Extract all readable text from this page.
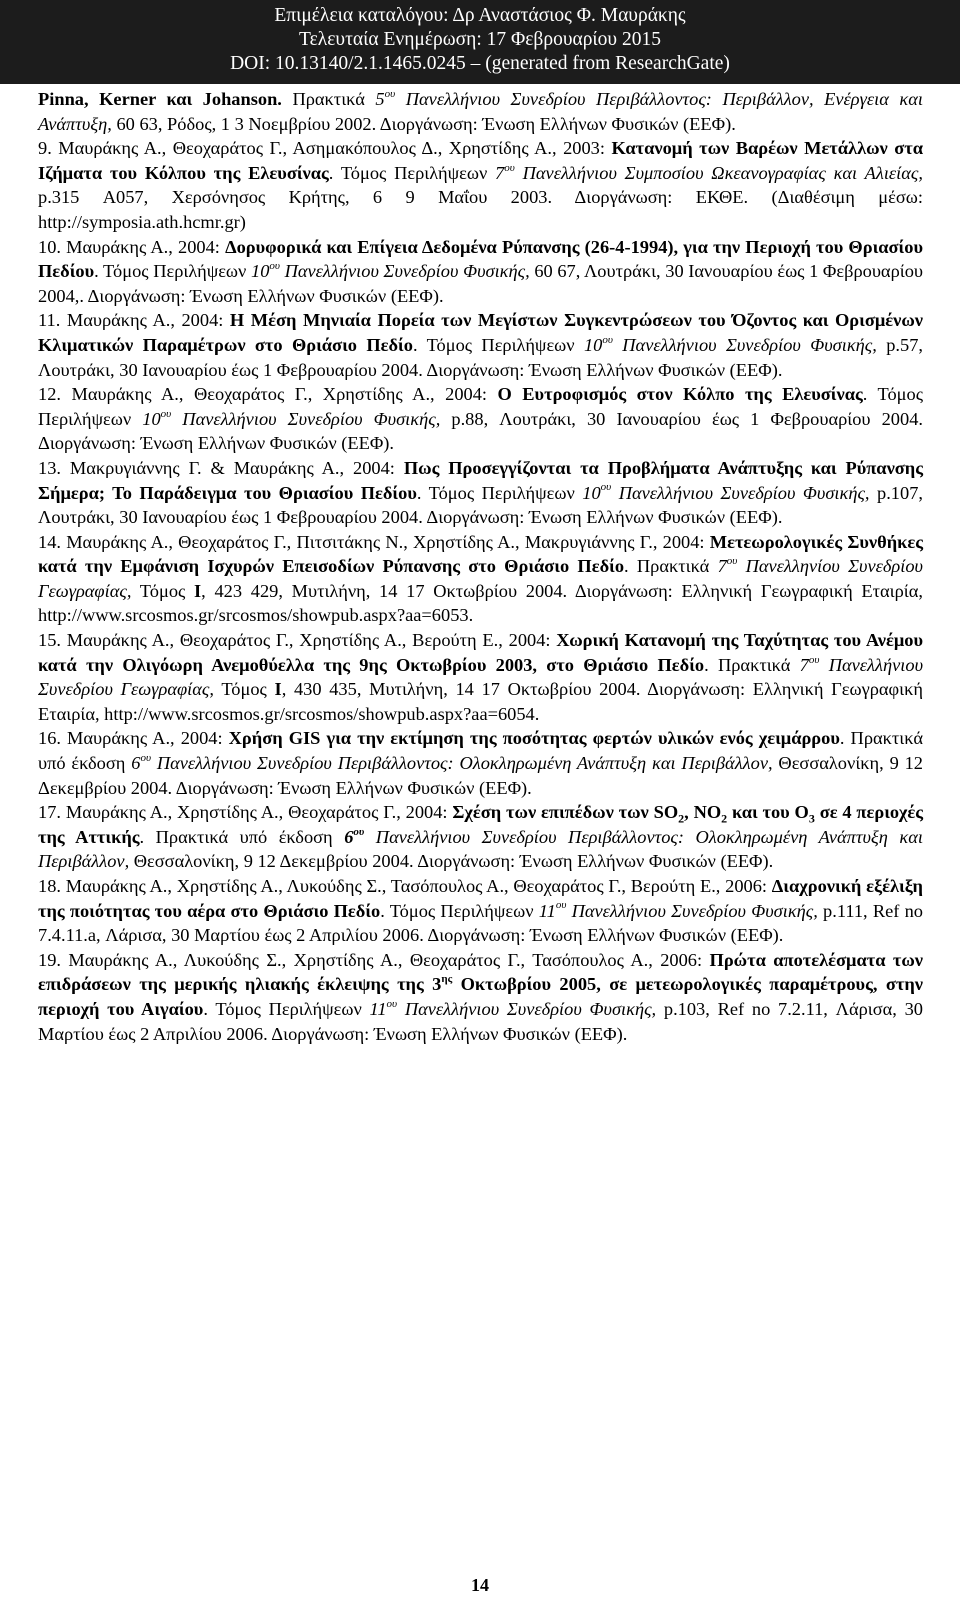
Επιμέλεια καταλόγου: Δρ Αναστάσιος Φ. Μαυράκης
Τελευταία Ενημέρωση: 17 Φεβρουαρίου 2015
DOI: 10.13140/2.1.1465.0245 – (generated from ResearchGate)
Pinna, Kerner και Johanson. Πρακτικά $5^{o\upsilon}$ Πανελλήνιου Συνεδρίου Περιβάλλοντος: Περιβάλλον, Ενέργεια και Ανάπτυξη, 60 63, Ρόδος, 1 3 Νοεμβρίου 2002. Διοργάνωση: Ένωση Ελλήνων Φυσικών (ΕΕΦ).
9. Μαυράκης Α., Θεοχαράτος Γ., Ασημακόπουλος Δ., Χρηστίδης Α., 2003: Κατανομή των Βαρέων Μετάλλων στα Ιζήματα του Κόλπου της Ελευσίνας. Τόμος Περιλήψεων $7^{o\upsilon}$ Πανελλήνιου Συμποσίου Ωκεανογραφίας και Αλιείας, p.315 Α057, Χερσόνησος Κρήτης, 6 9 Μαΐου 2003. Διοργάνωση: ΕΚΘΕ. (Διαθέσιμη μέσω: http://symposia.ath.hcmr.gr)
10. Μαυράκης Α., 2004: Δορυφορικά και Επίγεια Δεδομένα Ρύπανσης (26-4-1994), για την Περιοχή του Θριασίου Πεδίου. Τόμος Περιλήψεων $10^{o\upsilon}$ Πανελλήνιου Συνεδρίου Φυσικής, 60 67, Λουτράκι, 30 Ιανουαρίου έως 1 Φεβρουαρίου 2004,. Διοργάνωση: Ένωση Ελλήνων Φυσικών (ΕΕΦ).
11. Μαυράκης Α., 2004: Η Μέση Μηνιαία Πορεία των Μεγίστων Συγκεντρώσεων του Όζοντος και Ορισμένων Κλιματικών Παραμέτρων στο Θριάσιο Πεδίο. Τόμος Περιλήψεων $10^{o\upsilon}$ Πανελλήνιου Συνεδρίου Φυσικής, p.57, Λουτράκι, 30 Ιανουαρίου έως 1 Φεβρουαρίου 2004. Διοργάνωση: Ένωση Ελλήνων Φυσικών (ΕΕΦ).
12. Μαυράκης Α., Θεοχαράτος Γ., Χρηστίδης Α., 2004: Ο Ευτροφισμός στον Κόλπο της Ελευσίνας. Τόμος Περιλήψεων $10^{o\upsilon}$ Πανελλήνιου Συνεδρίου Φυσικής, p.88, Λουτράκι, 30 Ιανουαρίου έως 1 Φεβρουαρίου 2004. Διοργάνωση: Ένωση Ελλήνων Φυσικών (ΕΕΦ).
13. Μακρυγιάννης Γ. & Μαυράκης Α., 2004: Πως Προσεγγίζονται τα Προβλήματα Ανάπτυξης και Ρύπανσης Σήμερα; Το Παράδειγμα του Θριασίου Πεδίου. Τόμος Περιλήψεων $10^{o\upsilon}$ Πανελλήνιου Συνεδρίου Φυσικής, p.107, Λουτράκι, 30 Ιανουαρίου έως 1 Φεβρουαρίου 2004. Διοργάνωση: Ένωση Ελλήνων Φυσικών (ΕΕΦ).
14. Μαυράκης Α., Θεοχαράτος Γ., Πιτσιτάκης Ν., Χρηστίδης Α., Μακρυγιάννης Γ., 2004: Μετεωρολογικές Συνθήκες κατά την Εμφάνιση Ισχυρών Επεισοδίων Ρύπανσης στο Θριάσιο Πεδίο. Πρακτικά $7^{o\upsilon}$ Πανελληνίου Συνεδρίου Γεωγραφίας, Τόμος Ι, 423 429, Μυτιλήνη, 14 17 Οκτωβρίου 2004. Διοργάνωση: Ελληνική Γεωγραφική Εταιρία, http://www.srcosmos.gr/srcosmos/showpub.aspx?aa=6053.
15. Μαυράκης Α., Θεοχαράτος Γ., Χρηστίδης Α., Βερούτη Ε., 2004: Χωρική Κατανομή της Ταχύτητας του Ανέμου κατά την Ολιγόωρη Ανεμοθύελλα της 9ης Οκτωβρίου 2003, στο Θριάσιο Πεδίο. Πρακτικά $7^{o\upsilon}$ Πανελλήνιου Συνεδρίου Γεωγραφίας, Τόμος Ι, 430 435, Μυτιλήνη, 14 17 Οκτωβρίου 2004. Διοργάνωση: Ελληνική Γεωγραφική Εταιρία, http://www.srcosmos.gr/srcosmos/showpub.aspx?aa=6054.
16. Μαυράκης Α., 2004: Χρήση GIS για την εκτίμηση της ποσότητας φερτών υλικών ενός χειμάρρου. Πρακτικά υπό έκδοση $6^{o\upsilon}$ Πανελλήνιου Συνεδρίου Περιβάλλοντος: Ολοκληρωμένη Ανάπτυξη και Περιβάλλον, Θεσσαλονίκη, 9 12 Δεκεμβρίου 2004. Διοργάνωση: Ένωση Ελλήνων Φυσικών (ΕΕΦ).
17. Μαυράκης Α., Χρηστίδης Α., Θεοχαράτος Γ., 2004: Σχέση των επιπέδων των $SO_2$, $NO_2$ και του $O_3$ σε 4 περιοχές της Αττικής. Πρακτικά υπό έκδοση $6^{o\upsilon}$ Πανελλήνιου Συνεδρίου Περιβάλλοντος: Ολοκληρωμένη Ανάπτυξη και Περιβάλλον, Θεσσαλονίκη, 9 12 Δεκεμβρίου 2004. Διοργάνωση: Ένωση Ελλήνων Φυσικών (ΕΕΦ).
18. Μαυράκης Α., Χρηστίδης Α., Λυκούδης Σ., Τασόπουλος Α., Θεοχαράτος Γ., Βερούτη Ε., 2006: Διαχρονική εξέλιξη της ποιότητας του αέρα στο Θριάσιο Πεδίο. Τόμος Περιλήψεων $11^{o\upsilon}$ Πανελλήνιου Συνεδρίου Φυσικής, p.111, Ref no 7.4.11.a, Λάρισα, 30 Μαρτίου έως 2 Απριλίου 2006. Διοργάνωση: Ένωση Ελλήνων Φυσικών (ΕΕΦ).
19. Μαυράκης Α., Λυκούδης Σ., Χρηστίδης Α., Θεοχαράτος Γ., Τασόπουλος Α., 2006: Πρώτα αποτελέσματα των επιδράσεων της μερικής ηλιακής έκλειψης της $3^{\eta\varsigma}$ Οκτωβρίου 2005, σε μετεωρολογικές παραμέτρους, στην περιοχή του Αιγαίου. Τόμος Περιλήψεων $11^{o\upsilon}$ Πανελλήνιου Συνεδρίου Φυσικής, p.103, Ref no 7.2.11, Λάρισα, 30 Μαρτίου έως 2 Απριλίου 2006. Διοργάνωση: Ένωση Ελλήνων Φυσικών (ΕΕΦ).
14
